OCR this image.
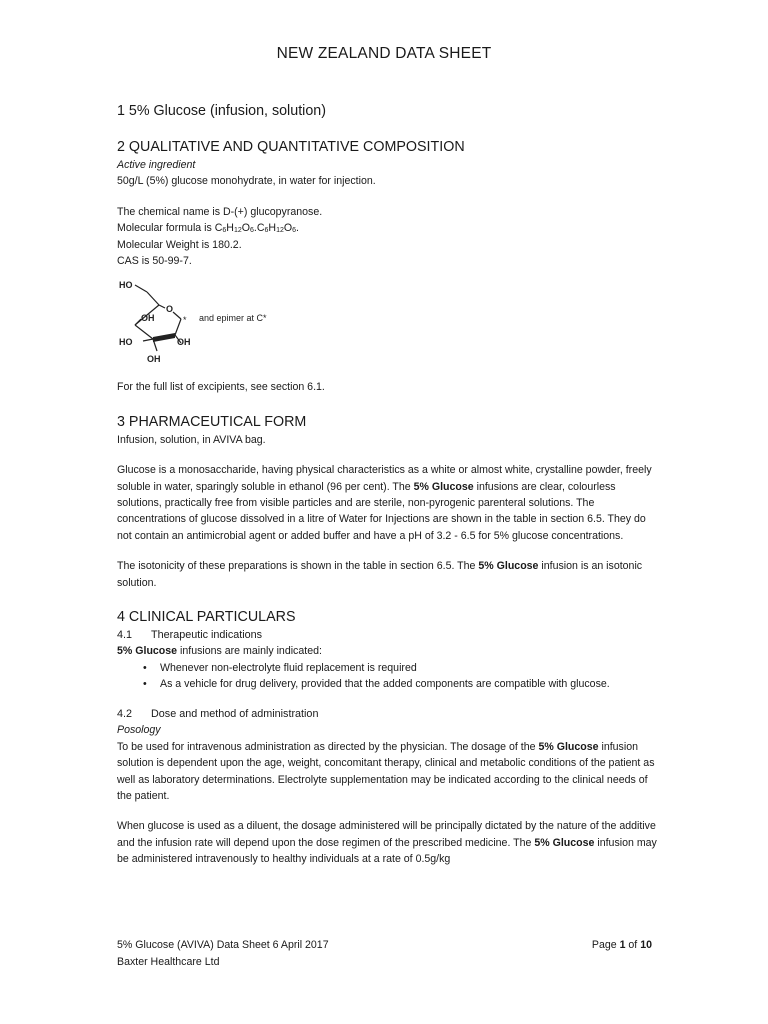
NEW ZEALAND DATA SHEET

1 5% Glucose (infusion, solution)

2 QUALITATIVE AND QUANTITATIVE COMPOSITION

Active ingredient

50g/L (5%) glucose monohydrate, in water for injection.

The chemical name is D-(+) glucopyranose.

Molecular formula is $C_6H_{12}O_6.C_6H_{12}O_6$.

Molecular Weight is 180.2.

CAS is 50-99-7.

HO
O
OH	* and epimer at C*
HO	OH
OH

For the full list of excipients, see section 6.1.

3 PHARMACEUTICAL FORM

Infusion, solution, in AVIVA bag.

Glucose is a monosaccharide, having physical characteristics as a white or almost white, crystalline powder, freely soluble in water, sparingly soluble in ethanol (96 per cent). The 5% Glucose infusions are clear, colourless solutions, practically free from visible particles and are sterile, non-pyrogenic parenteral solutions. The concentrations of glucose dissolved in a litre of Water for Injections are shown in the table in section 6.5. They do not contain an antimicrobial agent or added buffer and have a pH of 3.2 - 6.5 for 5% glucose concentrations.

The isotonicity of these preparations is shown in the table in section 6.5. The 5% Glucose infusion is an isotonic solution.

4 CLINICAL PARTICULARS

4.1 Therapeutic indications

5% Glucose infusions are mainly indicated:

• Whenever non-electrolyte fluid replacement is required
• As a vehicle for drug delivery, provided that the added components are compatible with glucose.

4.2 Dose and method of administration

Posology

To be used for intravenous administration as directed by the physician. The dosage of the 5% Glucose infusion solution is dependent upon the age, weight, concomitant therapy, clinical and metabolic conditions of the patient as well as laboratory determinations. Electrolyte supplementation may be indicated according to the clinical needs of the patient.

When glucose is used as a diluent, the dosage administered will be principally dictated by the nature of the additive and the infusion rate will depend upon the dose regimen of the prescribed medicine. The 5% Glucose infusion may be administered intravenously to healthy individuals at a rate of 0.5g/kg

5% Glucose (AVIVA) Data Sheet 6 April 2017
Baxter Healthcare Ltd
Page 1 of 10
